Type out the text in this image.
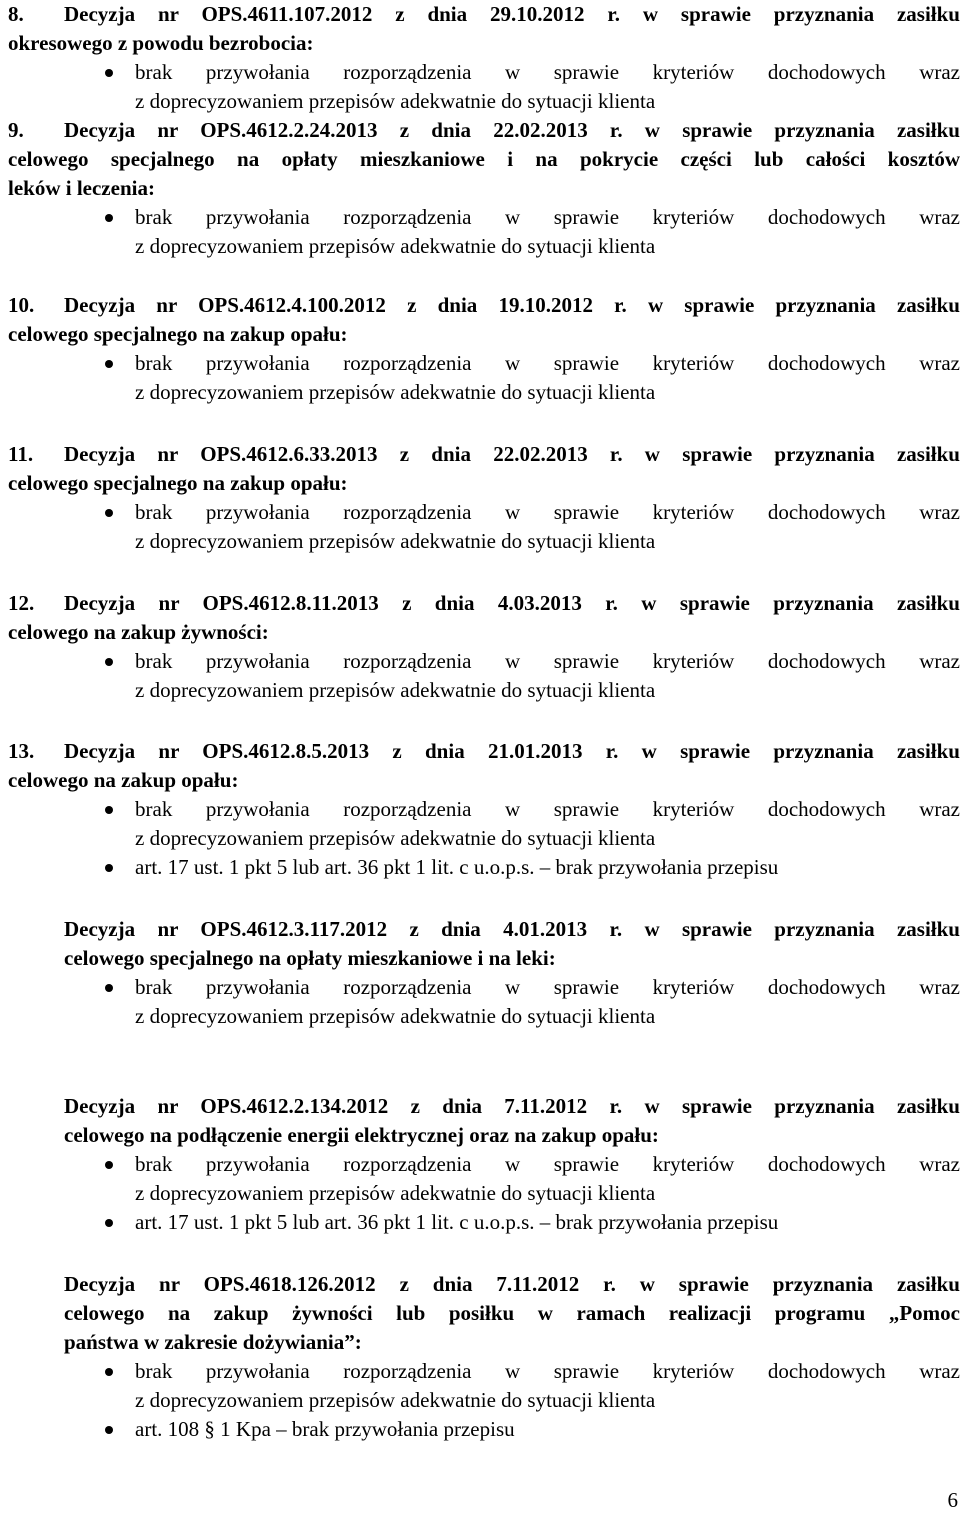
8. Decyzja nr OPS.4611.107.2012 z dnia 29.10.2012 r. w sprawie przyznania zasiłku
okresowego z powodu bezrobocia:
brak przywołania rozporządzenia w sprawie kryteriów dochodowych wraz
z doprecyzowaniem przepisów adekwatnie do sytuacji klienta
9. Decyzja nr OPS.4612.2.24.2013 z dnia 22.02.2013 r. w sprawie przyznania zasiłku
celowego specjalnego na opłaty mieszkaniowe i na pokrycie części lub całości kosztów
leków i leczenia:
brak przywołania rozporządzenia w sprawie kryteriów dochodowych wraz
z doprecyzowaniem przepisów adekwatnie do sytuacji klienta
10. Decyzja nr OPS.4612.4.100.2012 z dnia 19.10.2012 r. w sprawie przyznania zasiłku
celowego specjalnego na zakup opału:
brak przywołania rozporządzenia w sprawie kryteriów dochodowych wraz
z doprecyzowaniem przepisów adekwatnie do sytuacji klienta
11. Decyzja nr OPS.4612.6.33.2013 z dnia 22.02.2013 r. w sprawie przyznania zasiłku
celowego specjalnego na zakup opału:
brak przywołania rozporządzenia w sprawie kryteriów dochodowych wraz
z doprecyzowaniem przepisów adekwatnie do sytuacji klienta
12. Decyzja nr OPS.4612.8.11.2013 z dnia 4.03.2013 r. w sprawie przyznania zasiłku
celowego na zakup żywności:
brak przywołania rozporządzenia w sprawie kryteriów dochodowych wraz
z doprecyzowaniem przepisów adekwatnie do sytuacji klienta
13. Decyzja nr OPS.4612.8.5.2013 z dnia 21.01.2013 r. w sprawie przyznania zasiłku
celowego na zakup opału:
brak przywołania rozporządzenia w sprawie kryteriów dochodowych wraz
z doprecyzowaniem przepisów adekwatnie do sytuacji klienta
art. 17 ust. 1 pkt 5 lub art. 36 pkt 1 lit. c u.o.p.s. – brak przywołania przepisu
Decyzja nr OPS.4612.3.117.2012 z dnia 4.01.2013 r. w sprawie przyznania zasiłku
celowego specjalnego na opłaty mieszkaniowe i na leki:
brak przywołania rozporządzenia w sprawie kryteriów dochodowych wraz
z doprecyzowaniem przepisów adekwatnie do sytuacji klienta
Decyzja nr OPS.4612.2.134.2012 z dnia 7.11.2012 r. w sprawie przyznania zasiłku
celowego na podłączenie energii elektrycznej oraz na zakup opału:
brak przywołania rozporządzenia w sprawie kryteriów dochodowych wraz
z doprecyzowaniem przepisów adekwatnie do sytuacji klienta
art. 17 ust. 1 pkt 5 lub art. 36 pkt 1 lit. c u.o.p.s. – brak przywołania przepisu
Decyzja nr OPS.4618.126.2012 z dnia 7.11.2012 r. w sprawie przyznania zasiłku
celowego na zakup żywności lub posiłku w ramach realizacji programu „Pomoc
państwa w zakresie dożywiania”:
brak przywołania rozporządzenia w sprawie kryteriów dochodowych wraz
z doprecyzowaniem przepisów adekwatnie do sytuacji klienta
art. 108 § 1 Kpa – brak przywołania przepisu
6
